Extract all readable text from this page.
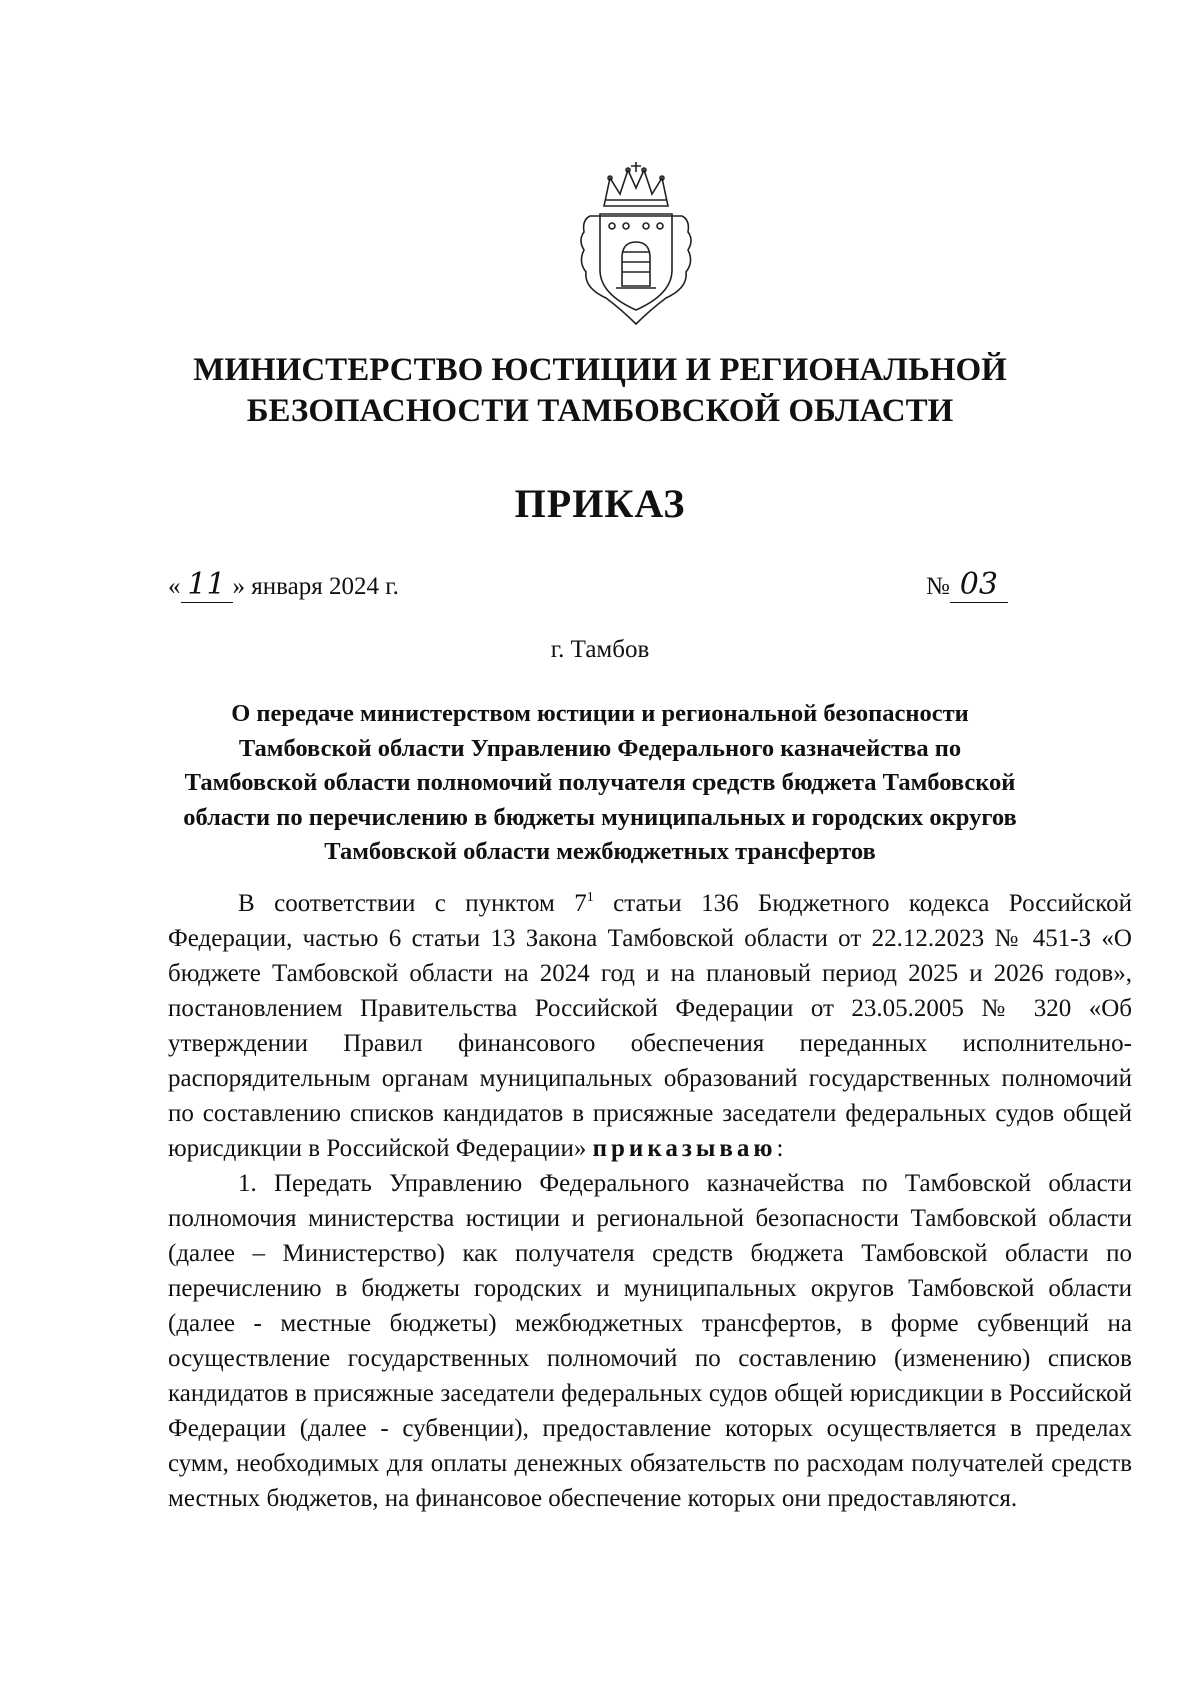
МИНИСТЕРСТВО ЮСТИЦИИ И РЕГИОНАЛЬНОЙ
БЕЗОПАСНОСТИ ТАМБОВСКОЙ ОБЛАСТИ
ПРИКАЗ
« 11 » января 2024 г.	№ 03
г. Тамбов
О передаче министерством юстиции и региональной безопасности
Тамбовской области Управлению Федерального казначейства по
Тамбовской области полномочий получателя средств бюджета Тамбовской
области по перечислению в бюджеты муниципальных и городских округов
Тамбовской области межбюджетных трансфертов

В соответствии с пунктом $7^1$ статьи 136 Бюджетного кодекса Российской Федерации, частью 6 статьи 13 Закона Тамбовской области от 22.12.2023 № 451-З «О бюджете Тамбовской области на 2024 год и на плановый период 2025 и 2026 годов», постановлением Правительства Российской Федерации от 23.05.2005 № 320 «Об утверждении Правил финансового обеспечения переданных исполнительно-распорядительным органам муниципальных образований государственных полномочий по составлению списков кандидатов в присяжные заседатели федеральных судов общей юрисдикции в Российской Федерации» приказываю:

1. Передать Управлению Федерального казначейства по Тамбовской области полномочия министерства юстиции и региональной безопасности Тамбовской области (далее – Министерство) как получателя средств бюджета Тамбовской области по перечислению в бюджеты городских и муниципальных округов Тамбовской области (далее - местные бюджеты) межбюджетных трансфертов, в форме субвенций на осуществление государственных полномочий по составлению (изменению) списков кандидатов в присяжные заседатели федеральных судов общей юрисдикции в Российской Федерации (далее - субвенции), предоставление которых осуществляется в пределах сумм, необходимых для оплаты денежных обязательств по расходам получателей средств местных бюджетов, на финансовое обеспечение которых они предоставляются.
